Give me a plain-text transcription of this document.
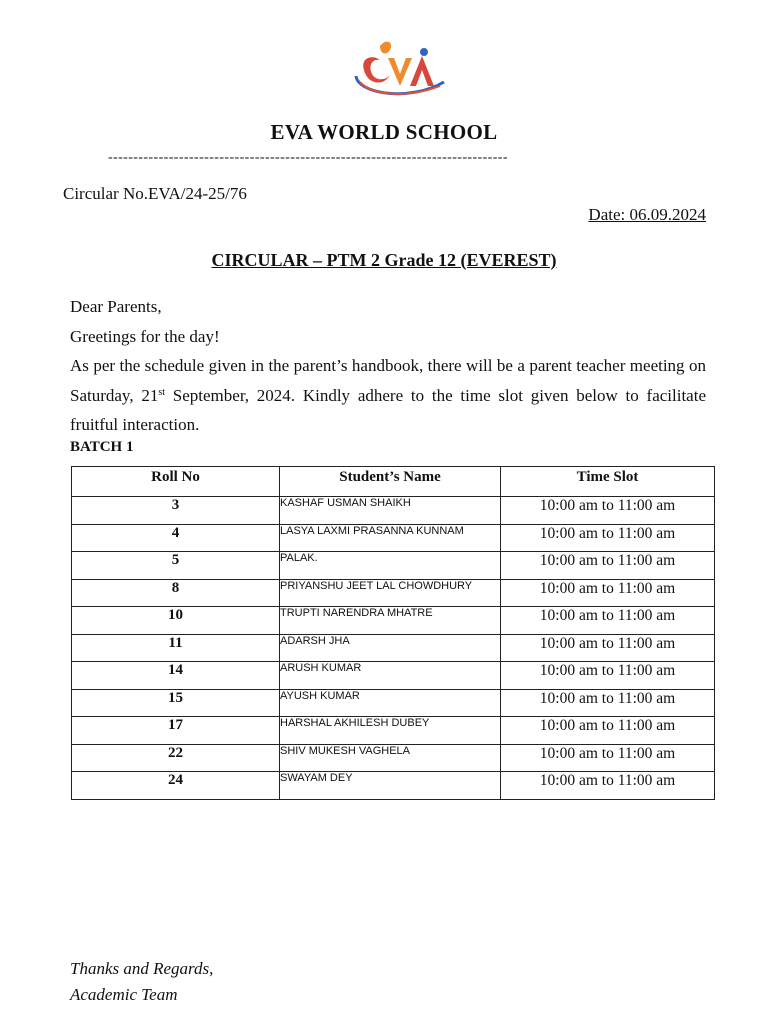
EVA WORLD SCHOOL
-------------------------------------------------------------------------------
Circular No.EVA/24-25/76
Date: 06.09.2024
CIRCULAR – PTM 2 Grade 12 (EVEREST)

Dear Parents,

Greetings for the day!

As per the schedule given in the parent’s handbook, there will be a parent teacher meeting on Saturday, 21st September, 2024. Kindly adhere to the time slot given below to facilitate fruitful interaction.

BATCH 1
Roll No	Student’s Name	Time Slot
3	KASHAF USMAN SHAIKH	10:00 am to 11:00 am
4	LASYA LAXMI PRASANNA KUNNAM	10:00 am to 11:00 am
5	PALAK.	10:00 am to 11:00 am
8	PRIYANSHU JEET LAL CHOWDHURY	10:00 am to 11:00 am
10	TRUPTI NARENDRA MHATRE	10:00 am to 11:00 am
11	ADARSH JHA	10:00 am to 11:00 am
14	ARUSH KUMAR	10:00 am to 11:00 am
15	AYUSH KUMAR	10:00 am to 11:00 am
17	HARSHAL AKHILESH DUBEY	10:00 am to 11:00 am
22	SHIV MUKESH VAGHELA	10:00 am to 11:00 am
24	SWAYAM DEY	10:00 am to 11:00 am
Thanks and Regards,
Academic Team
